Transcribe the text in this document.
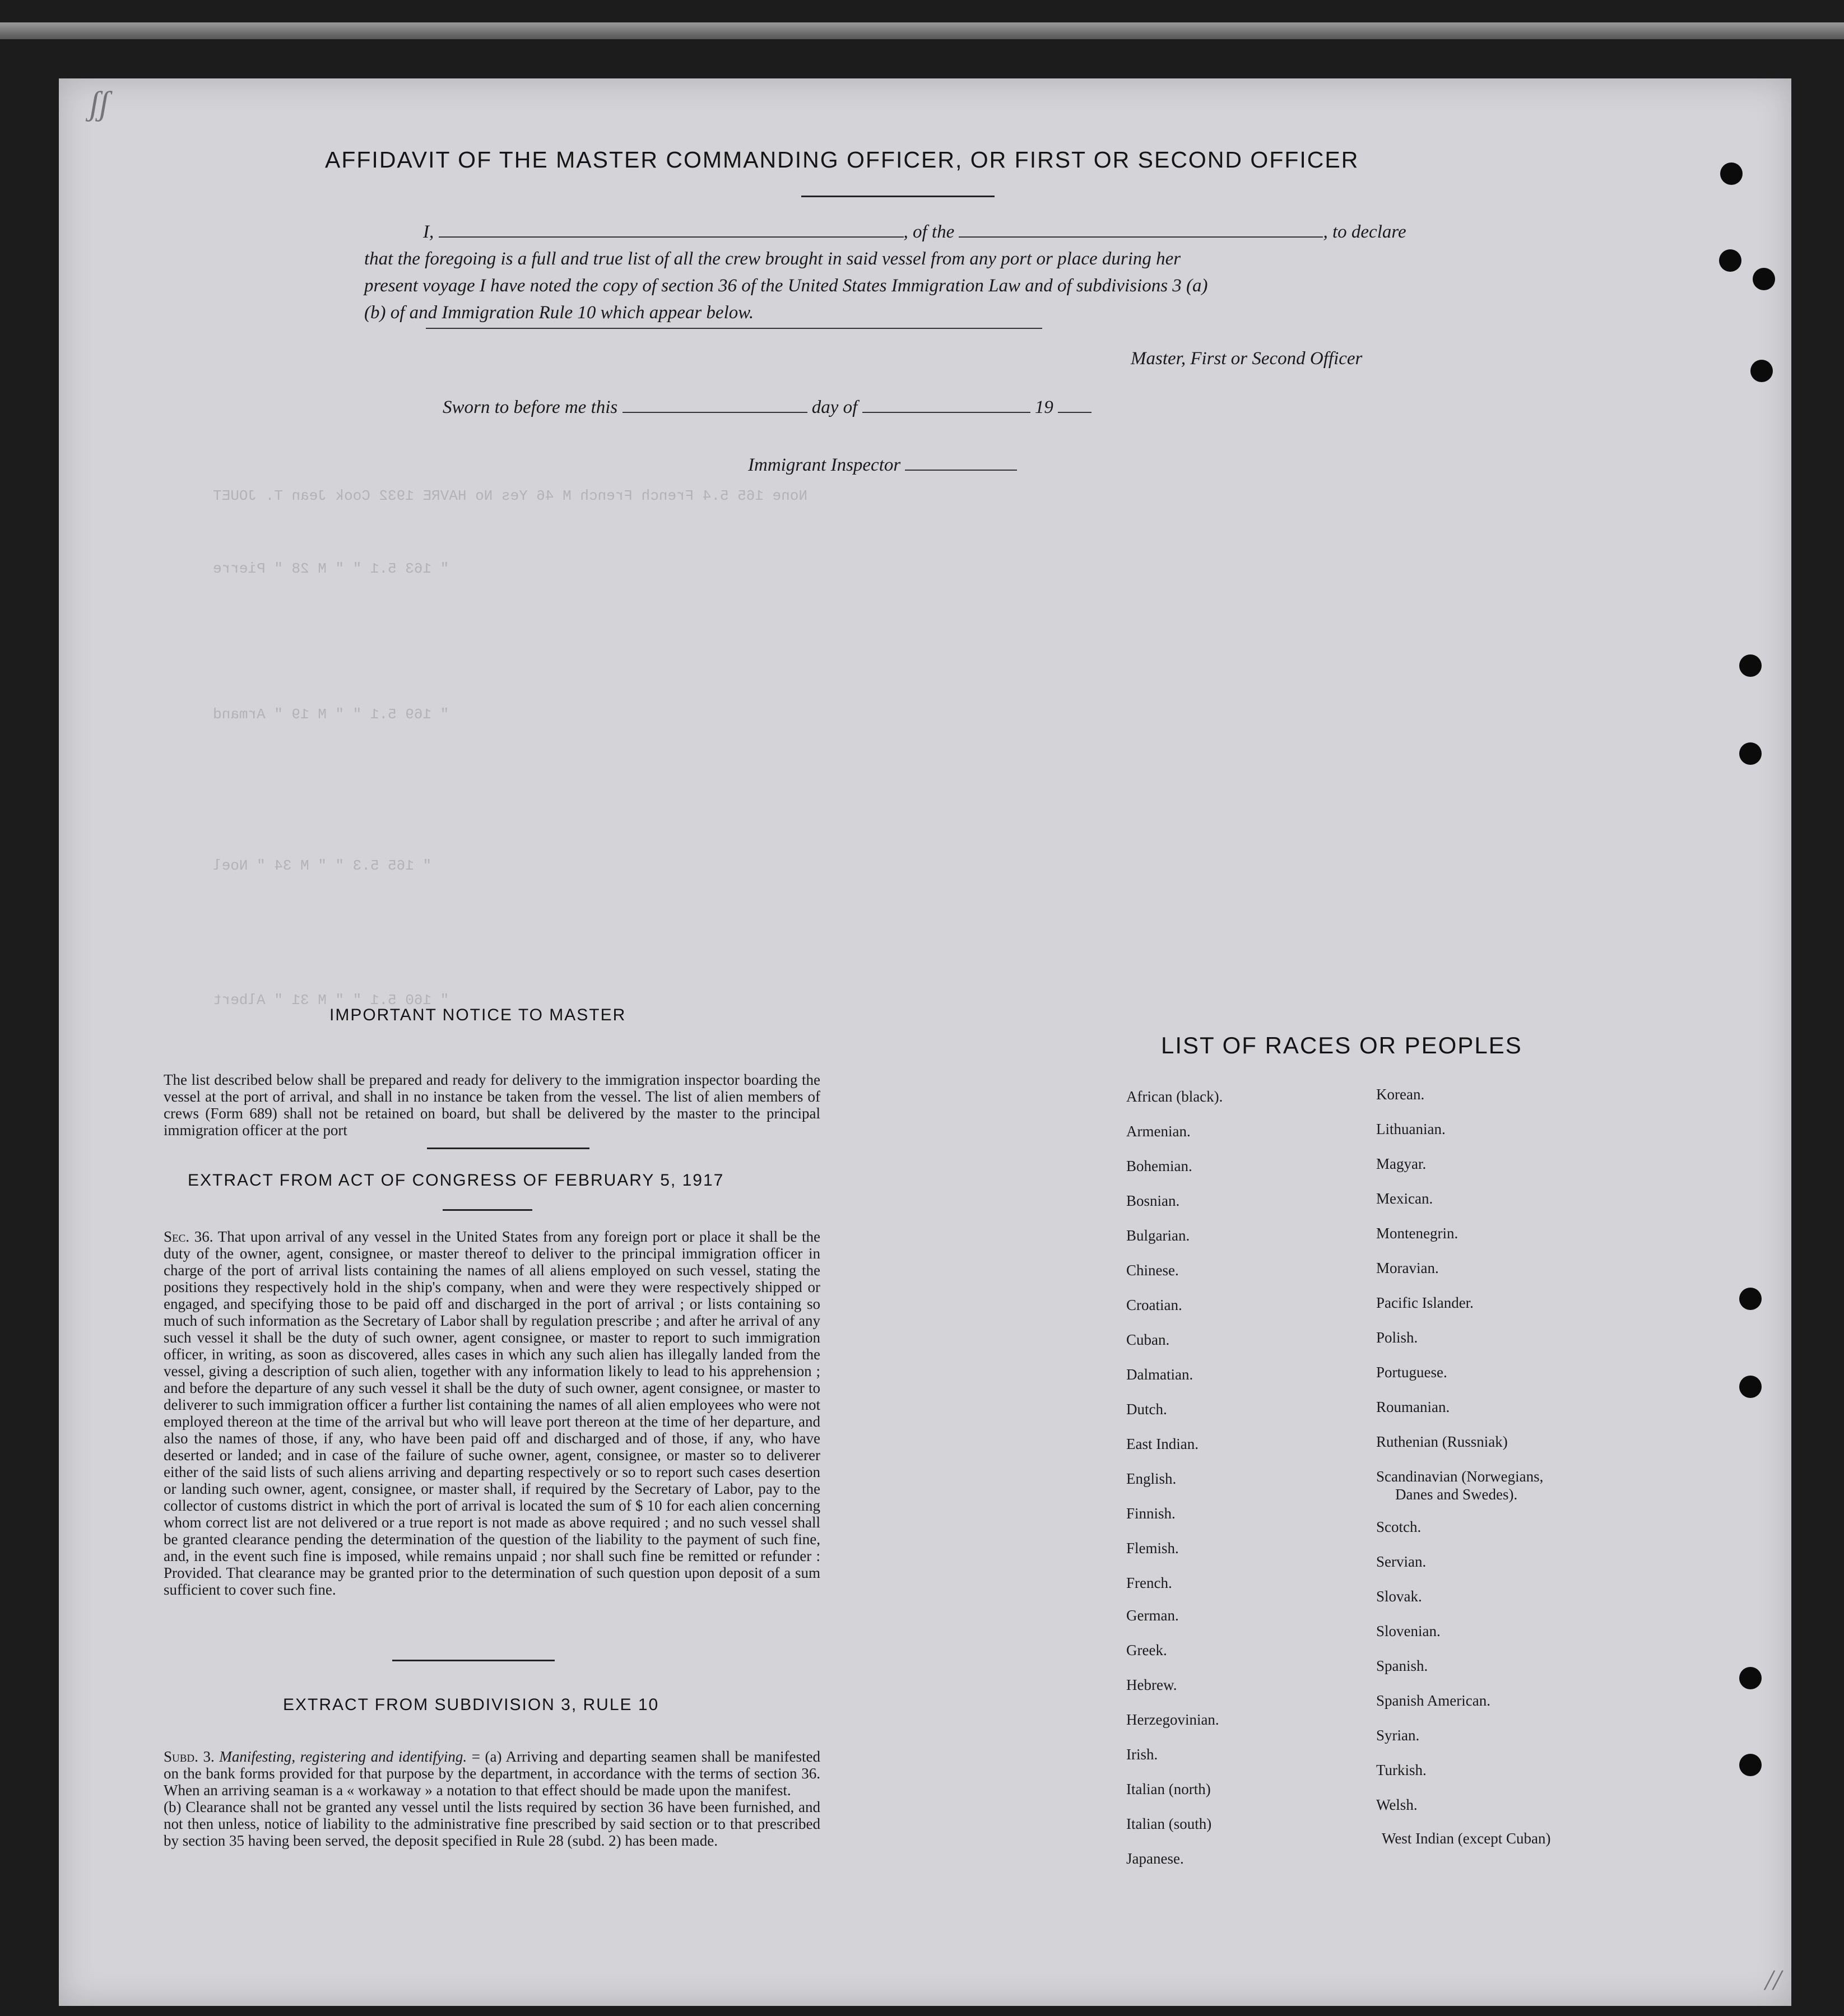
None 165 5.4 French French M 46 Yes No HAVRE 1932 Cook Jean T. JOUET
" 163 5.1 " " M 28 " Pierre
" 169 5.1 " " M 19 " Armand
" 165 5.3 " " M 34 " Noel
" 160 5.1 " " M 31 " Albert
ʃʃ
//
AFFIDAVIT OF THE MASTER COMMANDING OFFICER, OR FIRST OR SECOND OFFICER
I,	, of the	, to declare
that the foregoing is a full and true list of all the crew brought in said vessel from any port or place during her
present voyage I have noted the copy of section 36 of the United States Immigration Law and of subdivisions 3 (a)
(b) of and Immigration Rule 10 which appear below.
Master, First or Second Officer
Sworn to before me this	day of	19
Immigrant Inspector
IMPORTANT NOTICE TO MASTER
The list described below shall be prepared and ready for delivery to the immigration inspector boarding the vessel at the port of arrival, and shall in no instance be taken from the vessel. The list of alien members of crews (Form 689) shall not be retained on board, but shall be delivered by the master to the principal immigration officer at the port
EXTRACT FROM ACT OF CONGRESS OF FEBRUARY 5, 1917
Sec. 36. That upon arrival of any vessel in the United States from any foreign port or place it shall be the duty of the owner, agent, consignee, or master thereof to deliver to the principal immigration officer in charge of the port of arrival lists containing the names of all aliens employed on such vessel, stating the positions they respectively hold in the ship's company, when and were they were respectively shipped or engaged, and specifying those to be paid off and discharged in the port of arrival ; or lists containing so much of such information as the Secretary of Labor shall by regulation prescribe ; and after he arrival of any such vessel it shall be the duty of such owner, agent consignee, or master to report to such immigration officer, in writing, as soon as discovered, alles cases in which any such alien has illegally landed from the vessel, giving a description of such alien, together with any information likely to lead to his apprehension ; and before the departure of any such vessel it shall be the duty of such owner, agent consignee, or master to deliverer to such immigration officer a further list containing the names of all alien employees who were not employed thereon at the time of the arrival but who will leave port thereon at the time of her departure, and also the names of those, if any, who have been paid off and discharged and of those, if any, who have deserted or landed; and in case of the failure of suche owner, agent, consignee, or master so to deliverer either of the said lists of such aliens arriving and departing respectively or so to report such cases desertion or landing such owner, agent, consignee, or master shall, if required by the Secretary of Labor, pay to the collector of customs district in which the port of arrival is located the sum of $ 10 for each alien concerning whom correct list are not delivered or a true report is not made as above required ; and no such vessel shall be granted clearance pending the determination of the question of the liability to the payment of such fine, and, in the event such fine is imposed, while remains unpaid ; nor shall such fine be remitted or refunder : Provided. That clearance may be granted prior to the determination of such question upon deposit of a sum sufficient to cover such fine.
EXTRACT FROM SUBDIVISION 3, RULE 10
Subd. 3. Manifesting, registering and identifying. = (a) Arriving and departing seamen shall be manifested on the bank forms provided for that purpose by the department, in accordance with the terms of section 36. When an arriving seaman is a « workaway » a notation to that effect should be made upon the manifest.
(b) Clearance shall not be granted any vessel until the lists required by section 36 have been furnished, and not then unless, notice of liability to the administrative fine prescribed by said section or to that prescribed by section 35 having been served, the deposit specified in Rule 28 (subd. 2) has been made.
LIST OF RACES OR PEOPLES
African (black).
Armenian.
Bohemian.
Bosnian.
Bulgarian.
Chinese.
Croatian.
Cuban.
Dalmatian.
Dutch.
East Indian.
English.
Finnish.
Flemish.
French.
German.
Greek.
Hebrew.
Herzegovinian.
Irish.
Italian (north)
Italian (south)
Japanese.
Korean.
Lithuanian.
Magyar.
Mexican.
Montenegrin.
Moravian.
Pacific Islander.
Polish.
Portuguese.
Roumanian.
Ruthenian (Russniak)
Scandinavian (Norwegians,
Danes and Swedes).
Scotch.
Servian.
Slovak.
Slovenian.
Spanish.
Spanish American.
Syrian.
Turkish.
Welsh.
West Indian (except Cuban)
